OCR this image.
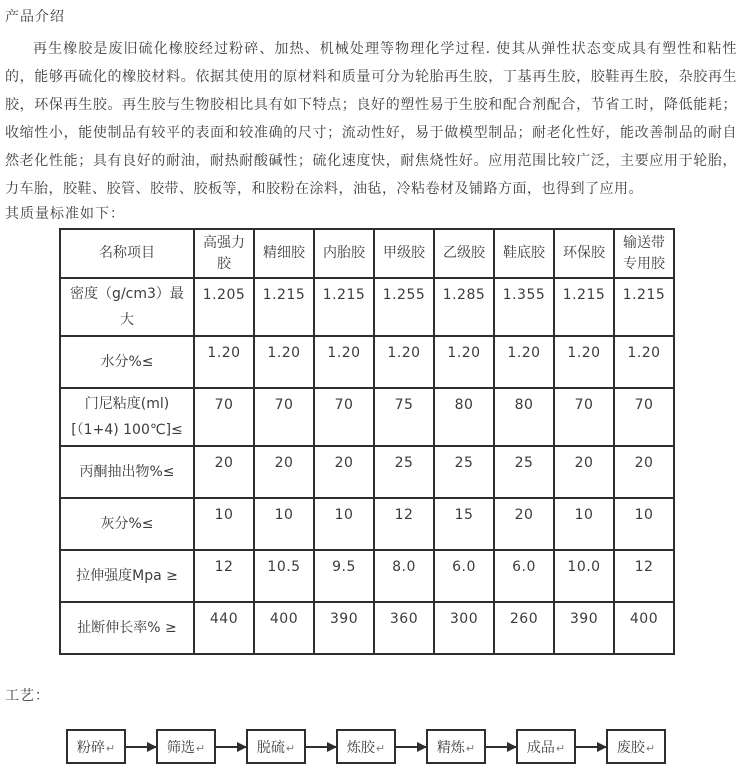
产品介绍

再生橡胶是废旧硫化橡胶经过粉碎、加热、机械处理等物理化学过程. 使其从弹性状态变成具有塑性和粘性的，能够再硫化的橡胶材料。依据其使用的原材料和质量可分为轮胎再生胶，丁基再生胶，胶鞋再生胶，杂胶再生胶，环保再生胶。再生胶与生物胶相比具有如下特点；良好的塑性易于生胶和配合剂配合，节省工时，降低能耗；收缩性小，能使制品有较平的表面和较准确的尺寸；流动性好，易于做模型制品；耐老化性好，能改善制品的耐自然老化性能；具有良好的耐油，耐热耐酸碱性；硫化速度快，耐焦烧性好。应用范围比较广泛，主要应用于轮胎，力车胎，胶鞋、胶管、胶带、胶板等，和胶粉在涂料，油毡，冷粘卷材及铺路方面，也得到了应用。

其质量标准如下：
名称项目	高强力胶	精细胶	内胎胶	甲级胶	乙级胶	鞋底胶	环保胶	输送带专用胶
密度（g/cm3）最大	1.205	1.215	1.215	1.255	1.285	1.355	1.215	1.215
水分%≤	1.20	1.20	1.20	1.20	1.20	1.20	1.20	1.20
门尼粘度(ml)[（1+4) 100℃]≤	70	70	70	75	80	80	70	70
丙酮抽出物%≤	20	20	20	25	25	25	20	20
灰分%≤	10	10	10	12	15	20	10	10
拉伸强度Mpa ≥	12	10.5	9.5	8.0	6.0	6.0	10.0	12
扯断伸长率% ≥	440	400	390	360	300	260	390	400
工艺：
粉碎 ↵	筛选 ↵	脱硫 ↵	炼胶 ↵	精炼 ↵	成品 ↵	废胶 ↵
